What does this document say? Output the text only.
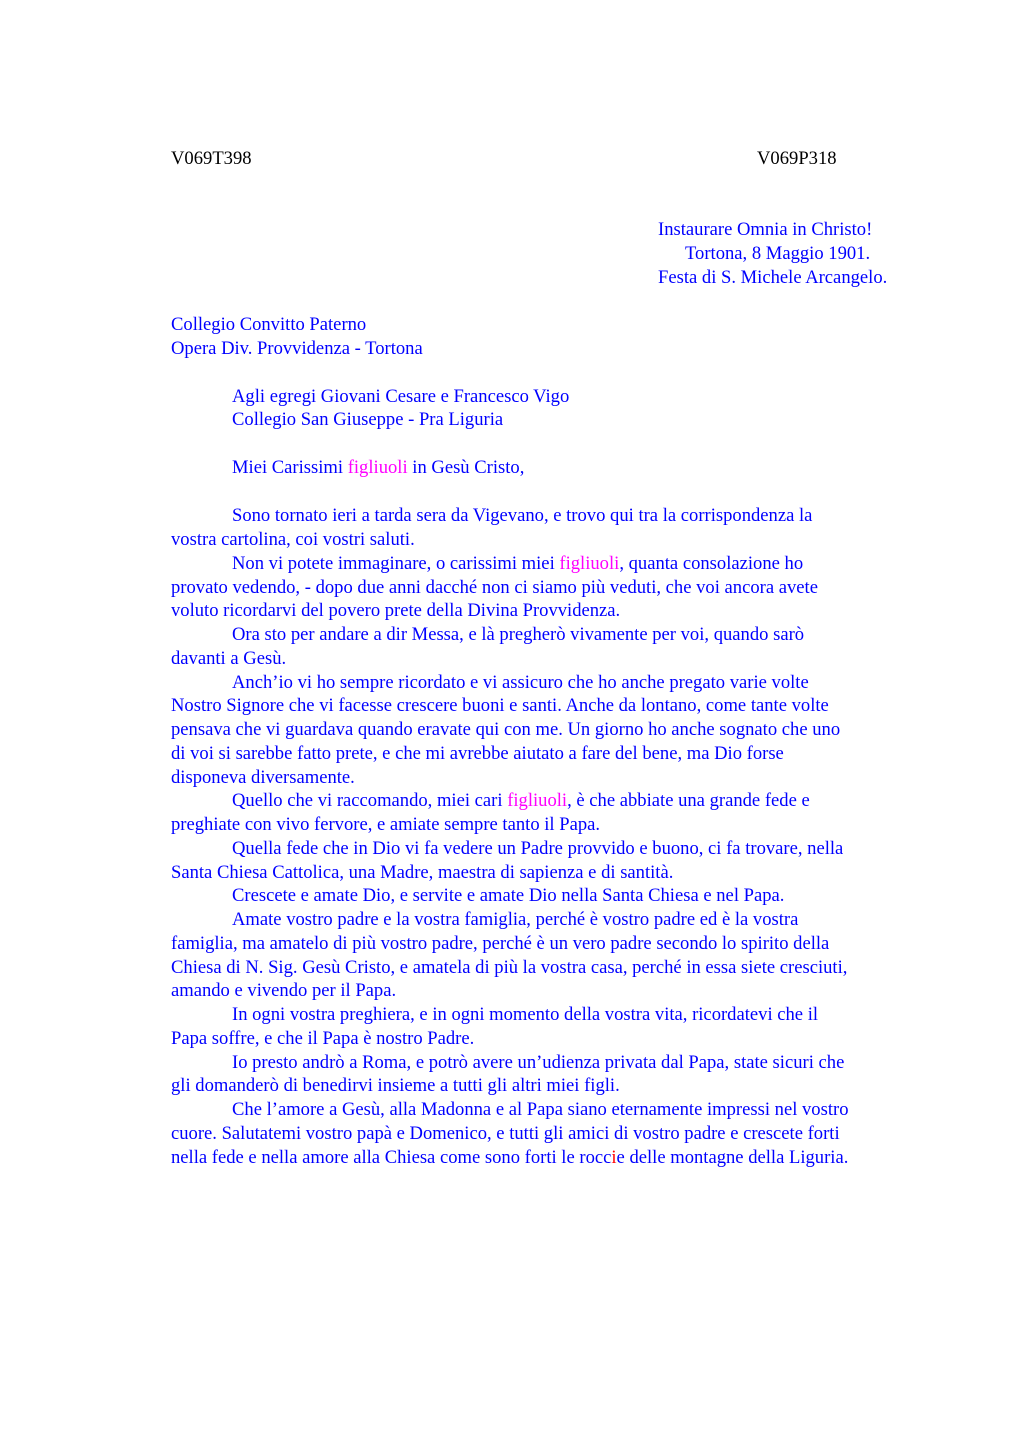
V069T398	V069P318
Instaurare Omnia in Christo!
Tortona, 8 Maggio 1901.
Festa di S. Michele Arcangelo.
Collegio Convitto Paterno
Opera Div. Provvidenza - Tortona
Agli egregi Giovani Cesare e Francesco Vigo
Collegio San Giuseppe - Pra Liguria
Miei Carissimi figliuoli in Gesù Cristo,
Sono tornato ieri a tarda sera da Vigevano, e trovo qui tra la corrispondenza la
vostra cartolina, coi vostri saluti.
Non vi potete immaginare, o carissimi miei figliuoli, quanta consolazione ho
provato vedendo, - dopo due anni dacché non ci siamo più veduti, che voi ancora avete
voluto ricordarvi del povero prete della Divina Provvidenza.
Ora sto per andare a dir Messa, e là pregherò vivamente per voi, quando sarò
davanti a Gesù.
Anch’io vi ho sempre ricordato e vi assicuro che ho anche pregato varie volte
Nostro Signore che vi facesse crescere buoni e santi. Anche da lontano, come tante volte
pensava che vi guardava quando eravate qui con me. Un giorno ho anche sognato che uno
di voi si sarebbe fatto prete, e che mi avrebbe aiutato a fare del bene, ma Dio forse
disponeva diversamente.
Quello che vi raccomando, miei cari figliuoli, è che abbiate una grande fede e
preghiate con vivo fervore, e amiate sempre tanto il Papa.
Quella fede che in Dio vi fa vedere un Padre provvido e buono, ci fa trovare, nella
Santa Chiesa Cattolica, una Madre, maestra di sapienza e di santità.
Crescete e amate Dio, e servite e amate Dio nella Santa Chiesa e nel Papa.
Amate vostro padre e la vostra famiglia, perché è vostro padre ed è la vostra
famiglia, ma amatelo di più vostro padre, perché è un vero padre secondo lo spirito della
Chiesa di N. Sig. Gesù Cristo, e amatela di più la vostra casa, perché in essa siete cresciuti,
amando e vivendo per il Papa.
In ogni vostra preghiera, e in ogni momento della vostra vita, ricordatevi che il
Papa soffre, e che il Papa è nostro Padre.
Io presto andrò a Roma, e potrò avere un’udienza privata dal Papa, state sicuri che
gli domanderò di benedirvi insieme a tutti gli altri miei figli.
Che l’amore a Gesù, alla Madonna e al Papa siano eternamente impressi nel vostro
cuore. Salutatemi vostro papà e Domenico, e tutti gli amici di vostro padre e crescete forti
nella fede e nella amore alla Chiesa come sono forti le roccie delle montagne della Liguria.
